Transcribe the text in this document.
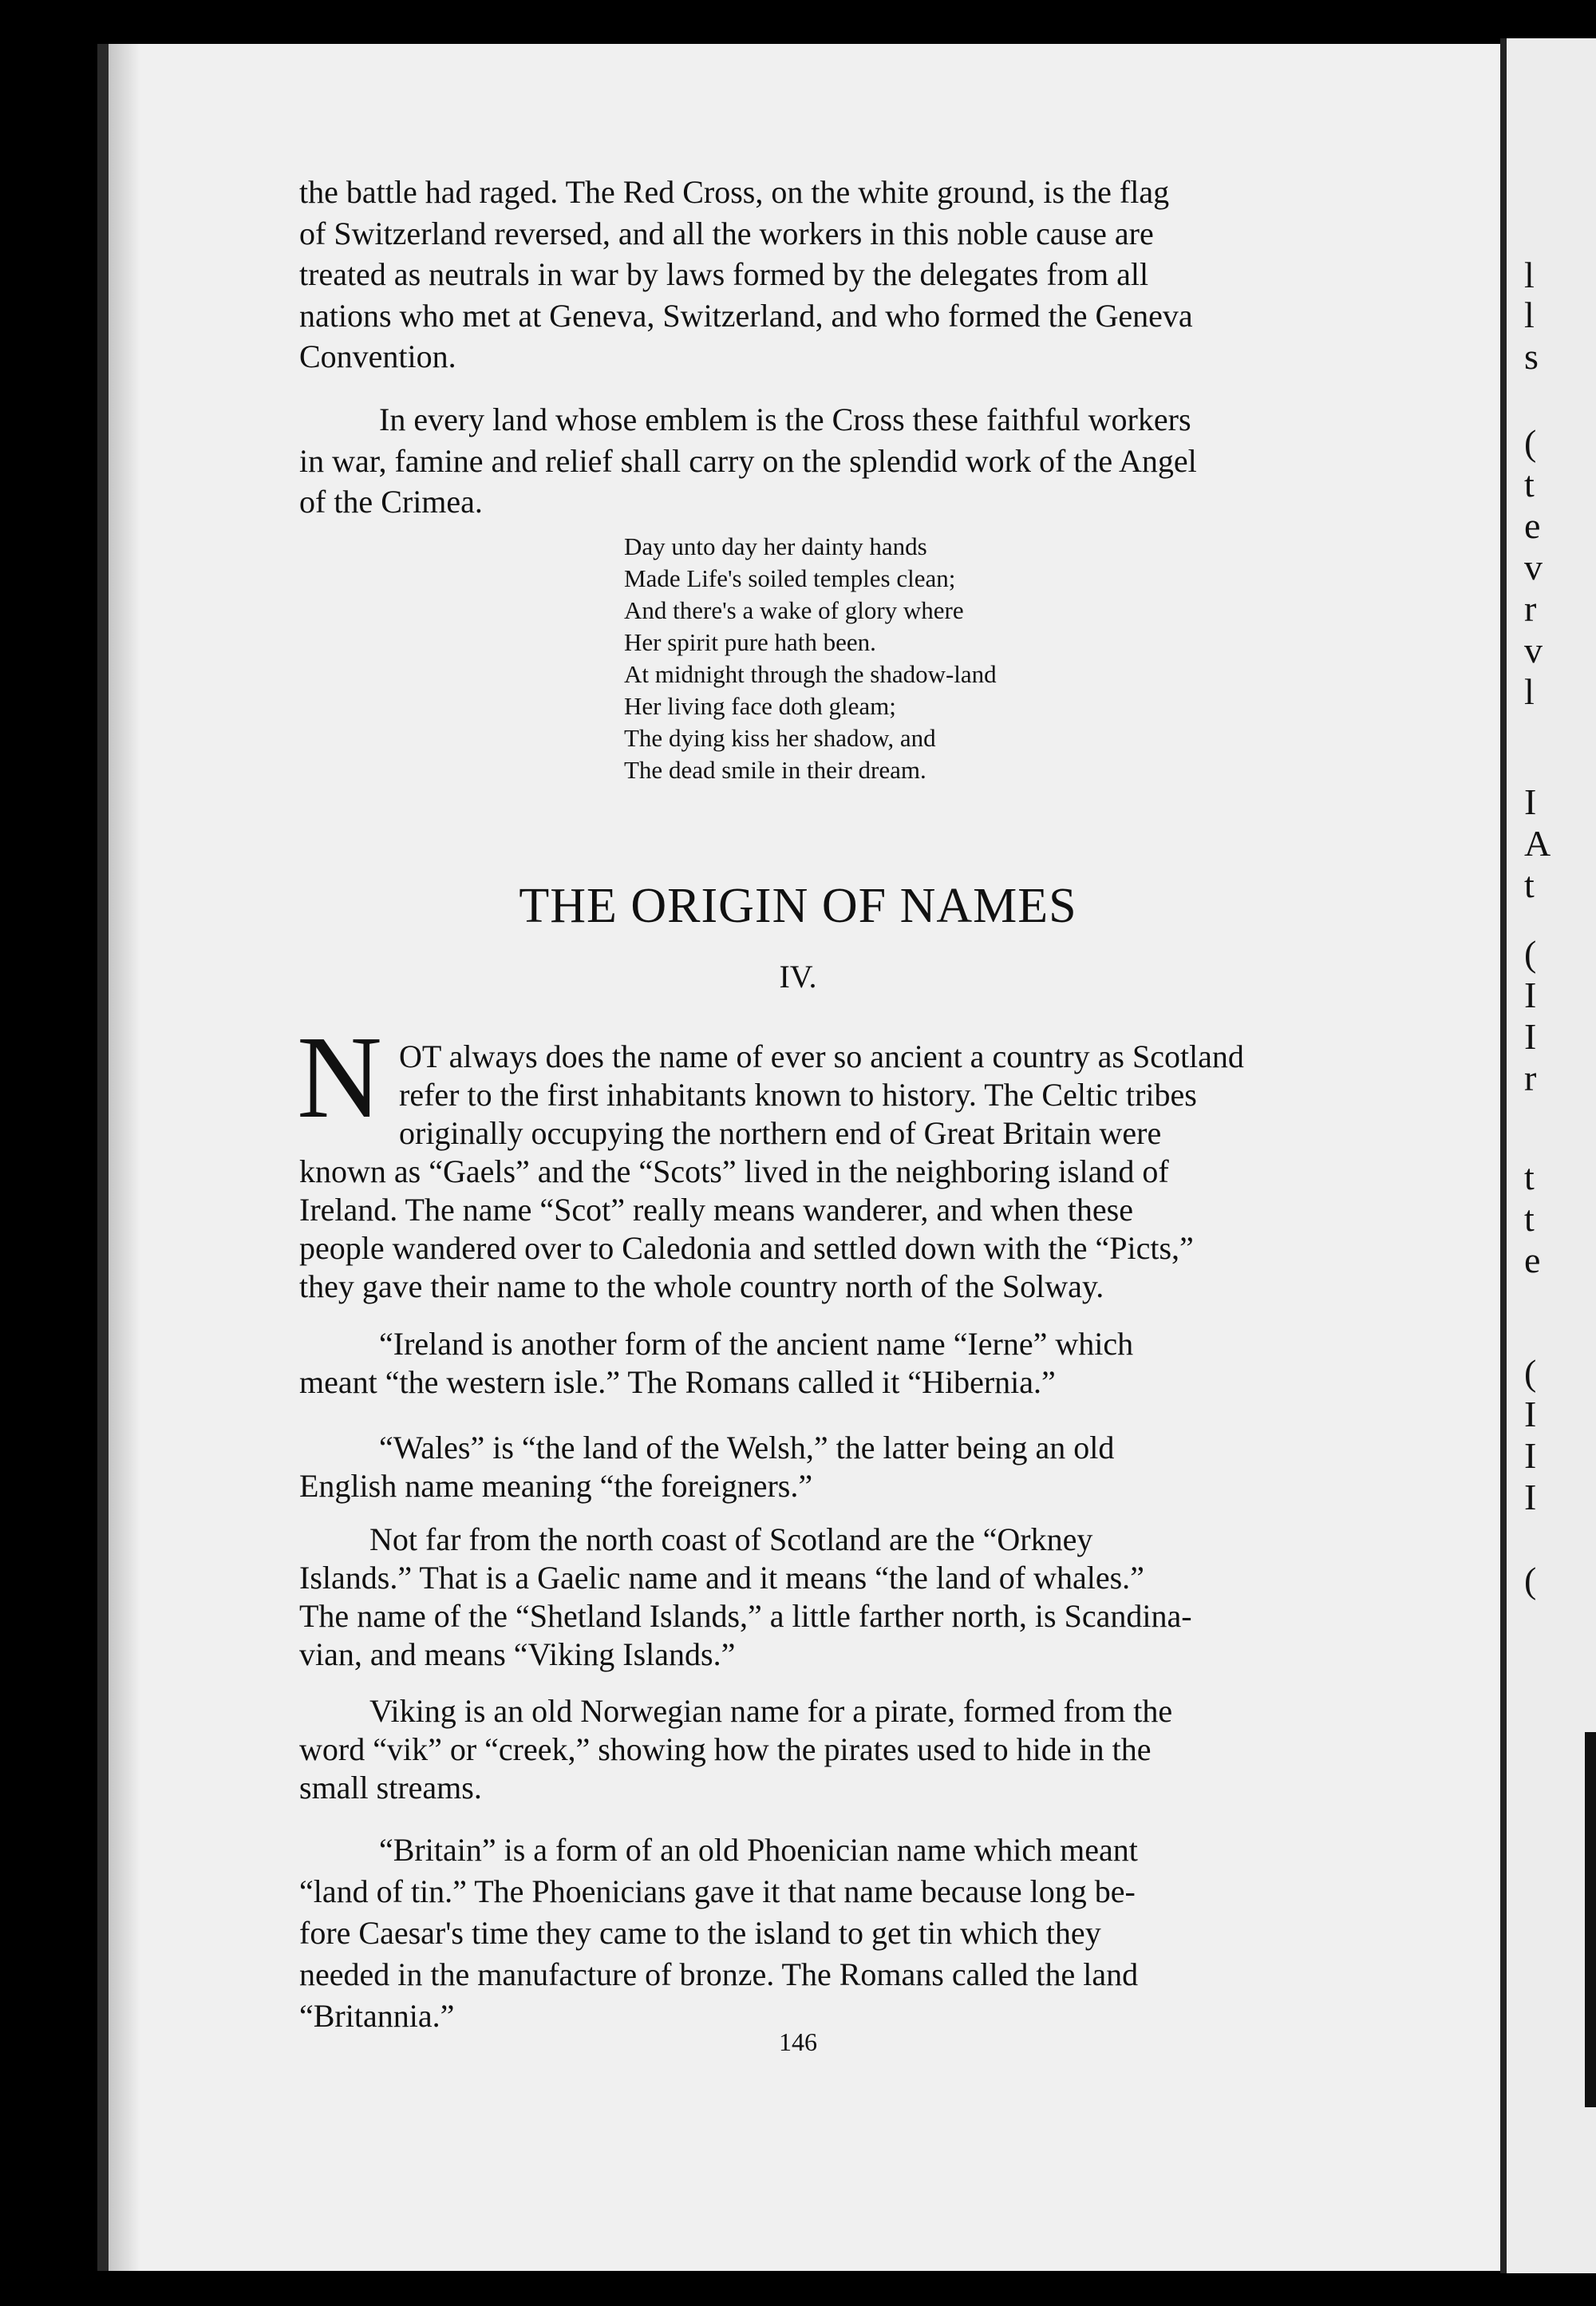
l
l
s
(
t
e
v
r
v
l
I
A
t
(
I
I
r
t
t
e
(
I
I
I
(
the battle had raged. The Red Cross, on the white ground, is the flag
of Switzerland reversed, and all the workers in this noble cause are
treated as neutrals in war by laws formed by the delegates from all
nations who met at Geneva, Switzerland, and who formed the Geneva
Convention.
In every land whose emblem is the Cross these faithful workers
in war, famine and relief shall carry on the splendid work of the Angel
of the Crimea.
Day unto day her dainty hands
Made Life's soiled temples clean;
And there's a wake of glory where
Her spirit pure hath been.
At midnight through the shadow-land
Her living face doth gleam;
The dying kiss her shadow, and
The dead smile in their dream.
THE ORIGIN OF NAMES
IV.
N OT always does the name of ever so ancient a country as Scotland
refer to the first inhabitants known to history. The Celtic tribes
originally occupying the northern end of Great Britain were
known as “Gaels” and the “Scots” lived in the neighboring island of
Ireland. The name “Scot” really means wanderer, and when these
people wandered over to Caledonia and settled down with the “Picts,”
they gave their name to the whole country north of the Solway.
“Ireland is another form of the ancient name “Ierne” which
meant “the western isle.” The Romans called it “Hibernia.”
“Wales” is “the land of the Welsh,” the latter being an old
English name meaning “the foreigners.”
Not far from the north coast of Scotland are the “Orkney
Islands.” That is a Gaelic name and it means “the land of whales.”
The name of the “Shetland Islands,” a little farther north, is Scandina-
vian, and means “Viking Islands.”
Viking is an old Norwegian name for a pirate, formed from the
word “vik” or “creek,” showing how the pirates used to hide in the
small streams.
“Britain” is a form of an old Phoenician name which meant
“land of tin.” The Phoenicians gave it that name because long be-
fore Caesar's time they came to the island to get tin which they
needed in the manufacture of bronze. The Romans called the land
“Britannia.”
146
